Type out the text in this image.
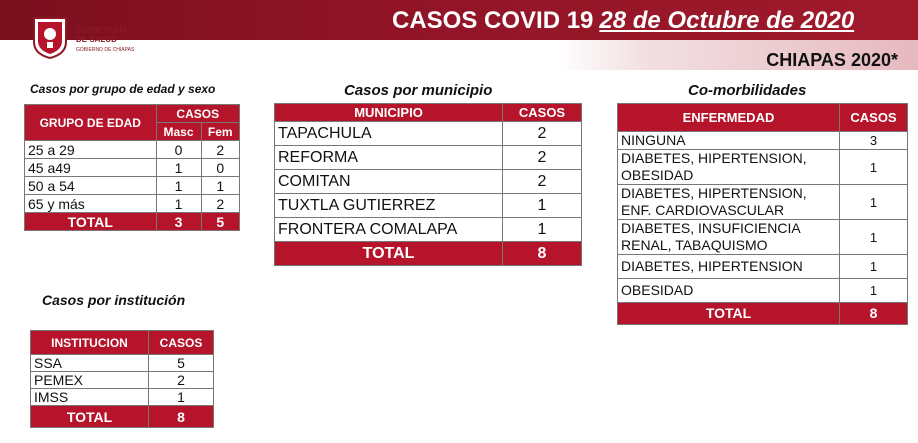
SECRETARÍA
DE SALUD
GOBIERNO DE CHIAPAS
CASOS COVID 19 28 de Octubre de 2020
CHIAPAS 2020*
Casos por grupo de edad y sexo
GRUPO DE EDAD	CASOS	
	Masc	Fem
25 a 29	0	2
45 a49	1	0
50 a 54	1	1
65 y más	1	2
TOTAL	3	5
Casos por municipio
MUNICIPIO	CASOS
TAPACHULA	2
REFORMA	2
COMITAN	2
TUXTLA GUTIERREZ	1
FRONTERA COMALAPA	1
TOTAL	8
Co-morbilidades
ENFERMEDAD	CASOS

NINGUNA	3

DIABETES, HIPERTENSION,
OBESIDAD	1

DIABETES, HIPERTENSION,
ENF. CARDIOVASCULAR	1

DIABETES, INSUFICIENCIA
RENAL, TABAQUISMO	1

DIABETES, HIPERTENSION	1

OBESIDAD	1
TOTAL	8
Casos por institución
INSTITUCION	CASOS
SSA	5
PEMEX	2
IMSS	1
TOTAL	8
